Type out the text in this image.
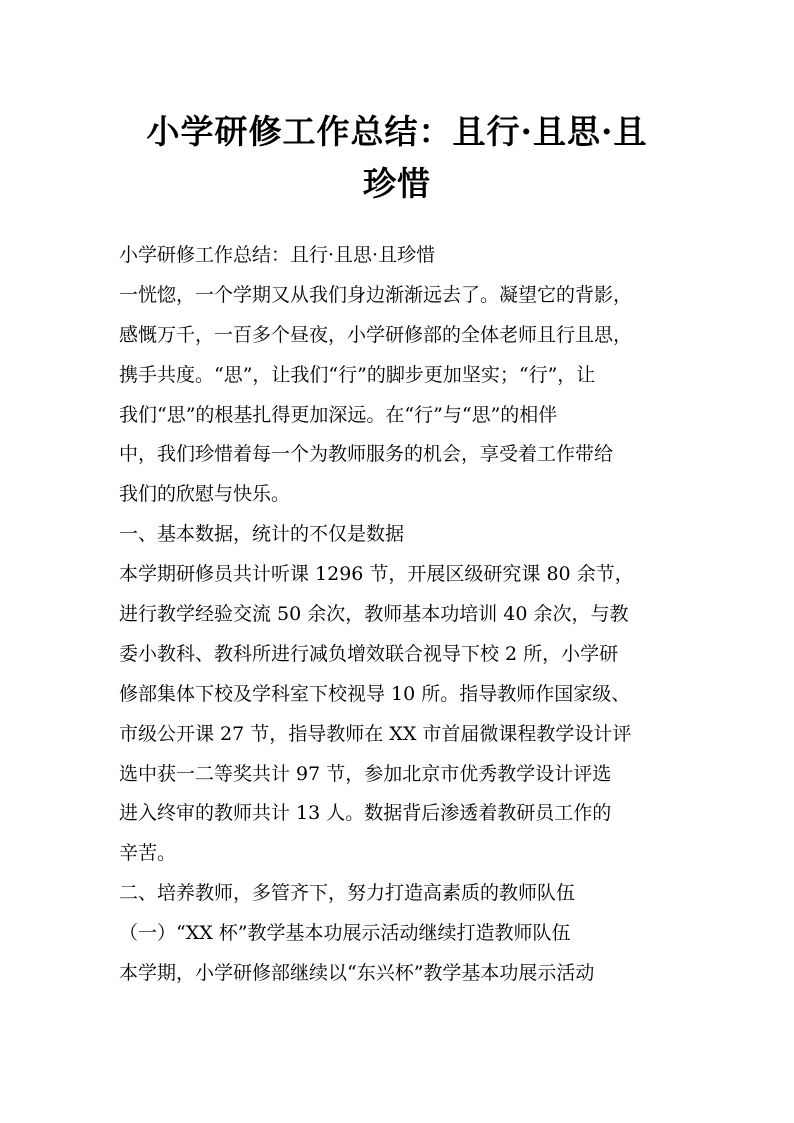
小学研修工作总结：且行·且思·且
珍惜
小学研修工作总结：且行·且思·且珍惜
一恍惚，一个学期又从我们身边渐渐远去了。凝望它的背影，
感慨万千，一百多个昼夜，小学研修部的全体老师且行且思，
携手共度。“思”，让我们“行”的脚步更加坚实；“行”，让
我们“思”的根基扎得更加深远。在“行”与“思”的相伴
中，我们珍惜着每一个为教师服务的机会，享受着工作带给
我们的欣慰与快乐。
一、基本数据，统计的不仅是数据
本学期研修员共计听课 1296 节，开展区级研究课 80 余节，
进行教学经验交流 50 余次，教师基本功培训 40 余次，与教
委小教科、教科所进行减负增效联合视导下校 2 所，小学研
修部集体下校及学科室下校视导 10 所。指导教师作国家级、
市级公开课 27 节，指导教师在 XX 市首届微课程教学设计评
选中获一二等奖共计 97 节，参加北京市优秀教学设计评选
进入终审的教师共计 13 人。数据背后渗透着教研员工作的
辛苦。
二、培养教师，多管齐下，努力打造高素质的教师队伍
（一）“XX 杯”教学基本功展示活动继续打造教师队伍
本学期，小学研修部继续以“东兴杯”教学基本功展示活动
